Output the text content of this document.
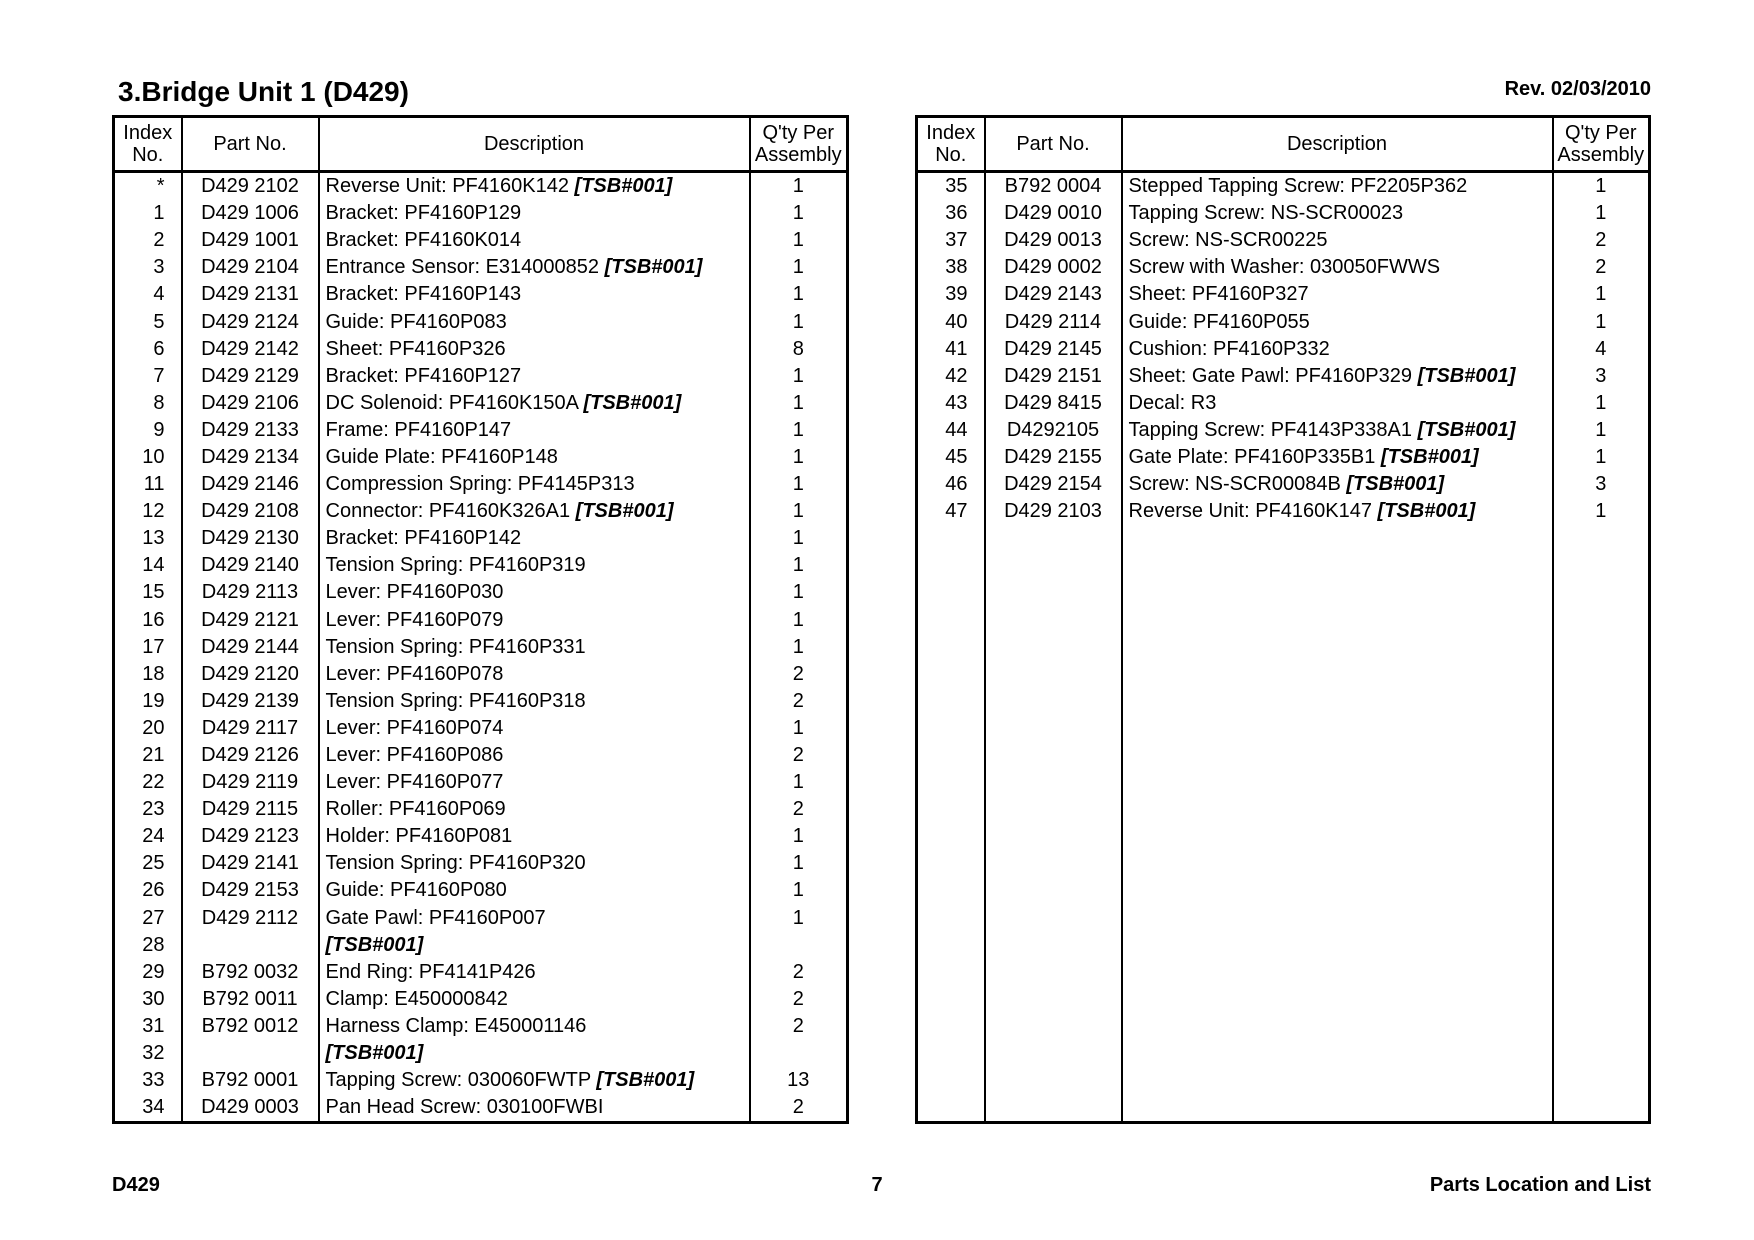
3.Bridge Unit 1 (D429)	Rev. 02/03/2010
Index
No.	Part No.	Description	Q'ty Per
Assembly
*	D429 2102	Reverse Unit: PF4160K142 [TSB#001]	1
1	D429 1006	Bracket: PF4160P129	1
2	D429 1001	Bracket: PF4160K014	1
3	D429 2104	Entrance Sensor: E314000852 [TSB#001]	1
4	D429 2131	Bracket: PF4160P143	1
5	D429 2124	Guide: PF4160P083	1
6	D429 2142	Sheet: PF4160P326	8
7	D429 2129	Bracket: PF4160P127	1
8	D429 2106	DC Solenoid: PF4160K150A [TSB#001]	1
9	D429 2133	Frame: PF4160P147	1
10	D429 2134	Guide Plate: PF4160P148	1
11	D429 2146	Compression Spring: PF4145P313	1
12	D429 2108	Connector: PF4160K326A1 [TSB#001]	1
13	D429 2130	Bracket: PF4160P142	1
14	D429 2140	Tension Spring: PF4160P319	1
15	D429 2113	Lever: PF4160P030	1
16	D429 2121	Lever: PF4160P079	1
17	D429 2144	Tension Spring: PF4160P331	1
18	D429 2120	Lever: PF4160P078	2
19	D429 2139	Tension Spring: PF4160P318	2
20	D429 2117	Lever: PF4160P074	1
21	D429 2126	Lever: PF4160P086	2
22	D429 2119	Lever: PF4160P077	1
23	D429 2115	Roller: PF4160P069	2
24	D429 2123	Holder: PF4160P081	1
25	D429 2141	Tension Spring: PF4160P320	1
26	D429 2153	Guide: PF4160P080	1
27	D429 2112	Gate Pawl: PF4160P007	1
28		[TSB#001]	
29	B792 0032	End Ring: PF4141P426	2
30	B792 0011	Clamp: E450000842	2
31	B792 0012	Harness Clamp: E450001146	2
32		[TSB#001]	
33	B792 0001	Tapping Screw: 030060FWTP [TSB#001]	13
34	D429 0003	Pan Head Screw: 030100FWBI	2
Index
No.	Part No.	Description	Q'ty Per
Assembly
35	B792 0004	Stepped Tapping Screw: PF2205P362	1
36	D429 0010	Tapping Screw: NS-SCR00023	1
37	D429 0013	Screw: NS-SCR00225	2
38	D429 0002	Screw with Washer: 030050FWWS	2
39	D429 2143	Sheet: PF4160P327	1
40	D429 2114	Guide: PF4160P055	1
41	D429 2145	Cushion: PF4160P332	4
42	D429 2151	Sheet: Gate Pawl: PF4160P329 [TSB#001]	3
43	D429 8415	Decal: R3	1
44	D4292105	Tapping Screw: PF4143P338A1 [TSB#001]	1
45	D429 2155	Gate Plate: PF4160P335B1 [TSB#001]	1
46	D429 2154	Screw: NS-SCR00084B [TSB#001]	3
47	D429 2103	Reverse Unit: PF4160K147 [TSB#001]	1

D429	7	Parts Location and List
